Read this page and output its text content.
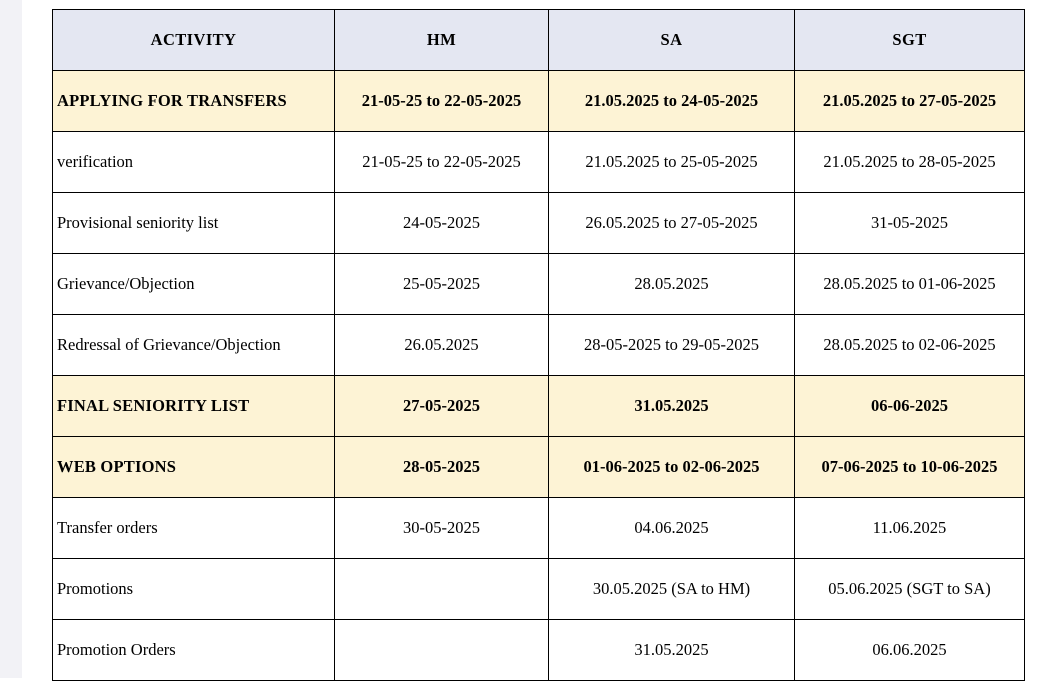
ACTIVITY	HM	SA	SGT
APPLYING FOR TRANSFERS	21-05-25 to 22-05-2025	21.05.2025 to 24-05-2025	21.05.2025 to 27-05-2025
verification	21-05-25 to 22-05-2025	21.05.2025 to 25-05-2025	21.05.2025 to 28-05-2025
Provisional seniority list	24-05-2025	26.05.2025 to 27-05-2025	31-05-2025
Grievance/Objection	25-05-2025	28.05.2025	28.05.2025 to 01-06-2025
Redressal of Grievance/Objection	26.05.2025	28-05-2025 to 29-05-2025	28.05.2025 to 02-06-2025
FINAL SENIORITY LIST	27-05-2025	31.05.2025	06-06-2025
WEB OPTIONS	28-05-2025	01-06-2025 to 02-06-2025	07-06-2025 to 10-06-2025
Transfer orders	30-05-2025	04.06.2025	11.06.2025
Promotions		30.05.2025 (SA to HM)	05.06.2025 (SGT to SA)
Promotion Orders		31.05.2025	06.06.2025
